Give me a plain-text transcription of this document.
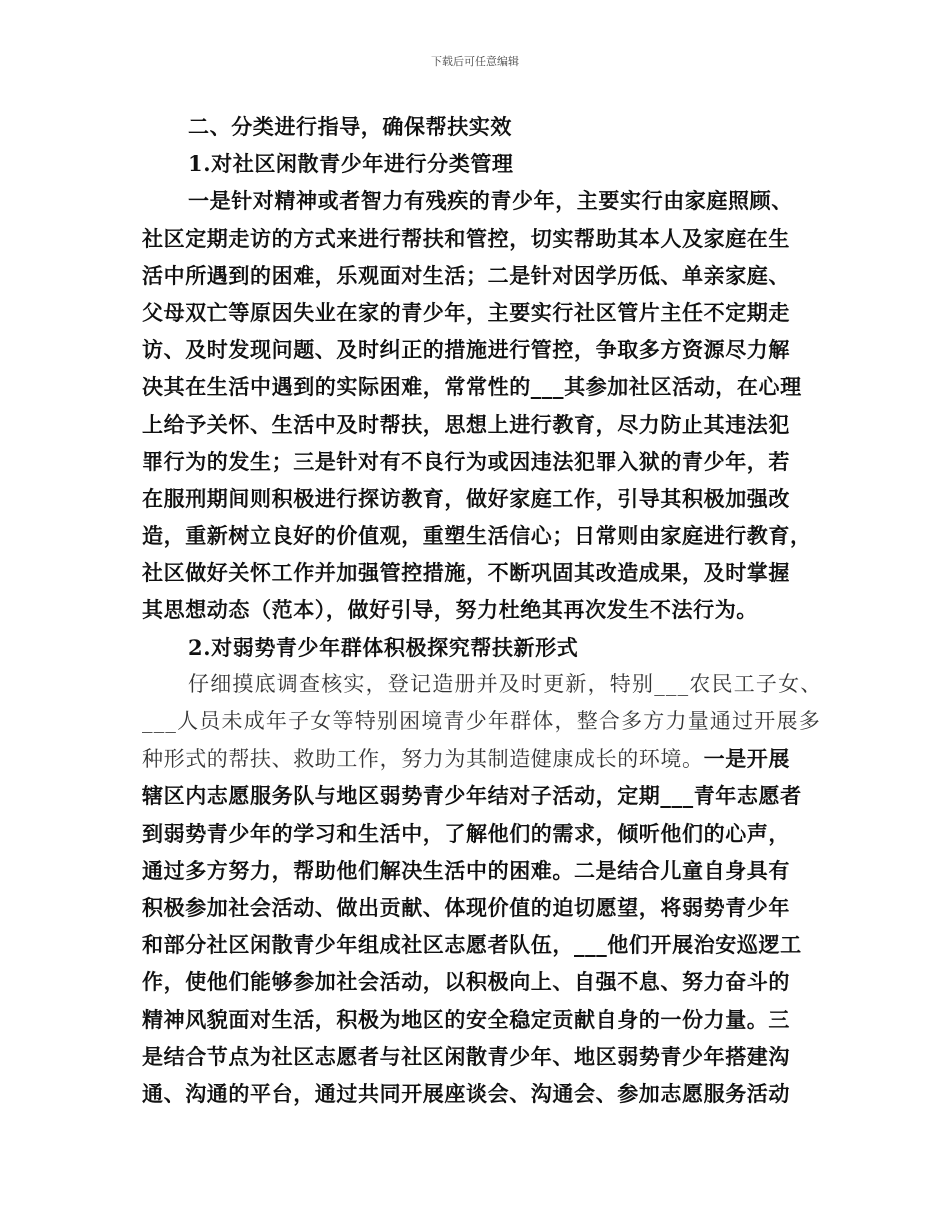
下载后可任意编辑
二、分类进行指导，确保帮扶实效
1.对社区闲散青少年进行分类管理
一是针对精神或者智力有残疾的青少年，主要实行由家庭照顾、
社区定期走访的方式来进行帮扶和管控，切实帮助其本人及家庭在生
活中所遇到的困难，乐观面对生活；二是针对因学历低、单亲家庭、
父母双亡等原因失业在家的青少年，主要实行社区管片主任不定期走
访、及时发现问题、及时纠正的措施进行管控，争取多方资源尽力解
决其在生活中遇到的实际困难，常常性的___其参加社区活动，在心理
上给予关怀、生活中及时帮扶，思想上进行教育，尽力防止其违法犯
罪行为的发生；三是针对有不良行为或因违法犯罪入狱的青少年，若
在服刑期间则积极进行探访教育，做好家庭工作，引导其积极加强改
造，重新树立良好的价值观，重塑生活信心；日常则由家庭进行教育，
社区做好关怀工作并加强管控措施，不断巩固其改造成果，及时掌握
其思想动态（范本），做好引导，努力杜绝其再次发生不法行为。
2.对弱势青少年群体积极探究帮扶新形式
仔细摸底调查核实，登记造册并及时更新，特别___农民工子女、
___人员未成年子女等特别困境青少年群体，整合多方力量通过开展多
种形式的帮扶、救助工作，努力为其制造健康成长的环境。一是开展
辖区内志愿服务队与地区弱势青少年结对子活动，定期___青年志愿者
到弱势青少年的学习和生活中，了解他们的需求，倾听他们的心声，
通过多方努力，帮助他们解决生活中的困难。二是结合儿童自身具有
积极参加社会活动、做出贡献、体现价值的迫切愿望，将弱势青少年
和部分社区闲散青少年组成社区志愿者队伍，___他们开展治安巡逻工
作，使他们能够参加社会活动，以积极向上、自强不息、努力奋斗的
精神风貌面对生活，积极为地区的安全稳定贡献自身的一份力量。三
是结合节点为社区志愿者与社区闲散青少年、地区弱势青少年搭建沟
通、沟通的平台，通过共同开展座谈会、沟通会、参加志愿服务活动
